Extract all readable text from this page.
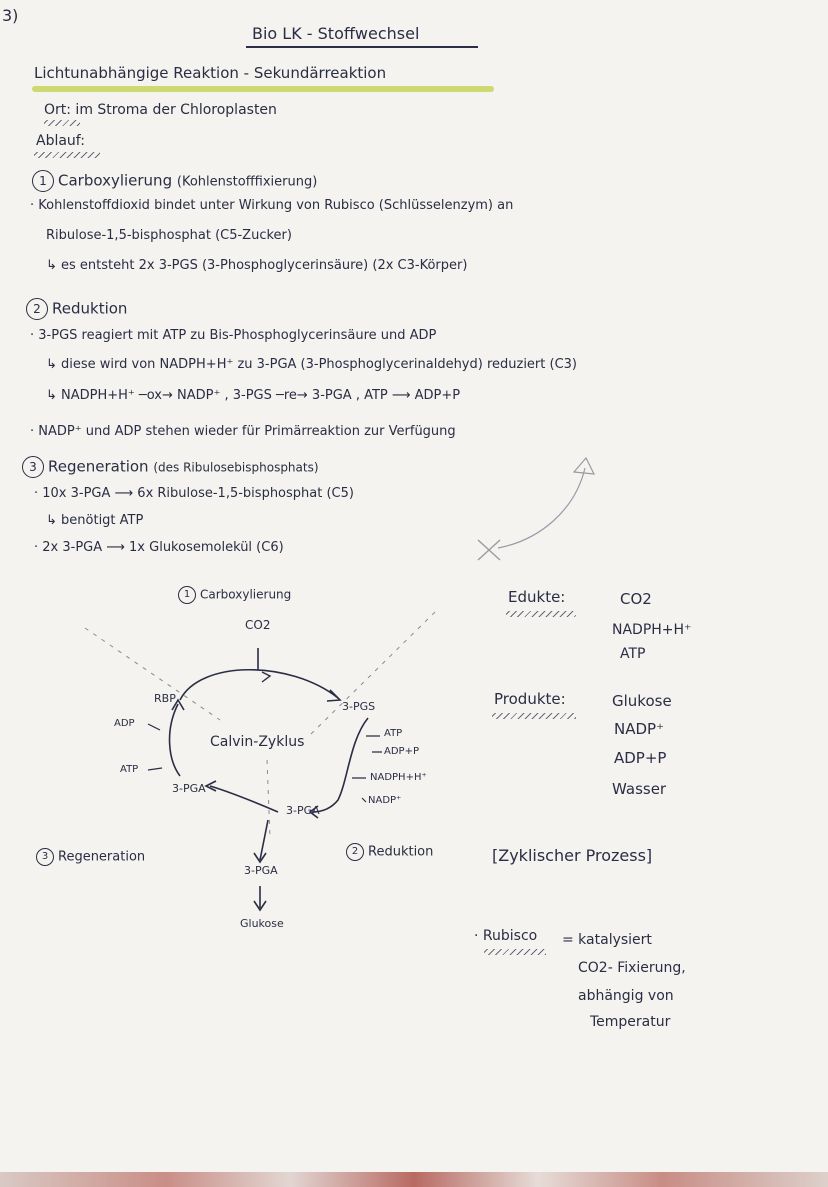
3)
Bio LK - Stoffwechsel
Lichtunabhängige Reaktion - Sekundärreaktion
Ort: im Stroma der Chloroplasten
Ablauf:
1 Carboxylierung (Kohlenstofffixierung)
· Kohlenstoffdioxid bindet unter Wirkung von Rubisco (Schlüsselenzym) an
Ribulose-1,5-bisphosphat (C5-Zucker)
↳ es entsteht 2x 3-PGS (3-Phosphoglycerinsäure) (2x C3-Körper)
2 Reduktion
· 3-PGS reagiert mit ATP zu Bis-Phosphoglycerinsäure und ADP
↳ diese wird von NADPH+H⁺ zu 3-PGA (3-Phosphoglycerinaldehyd) reduziert (C3)
↳ NADPH+H⁺ ─ox→ NADP⁺ , 3-PGS ─re→ 3-PGA , ATP ⟶ ADP+P
· NADP⁺ und ADP stehen wieder für Primärreaktion zur Verfügung
3 Regeneration (des Ribulosebisphosphats)
· 10x 3-PGA ⟶ 6x Ribulose-1,5-bisphosphat (C5)
↳ benötigt ATP
· 2x 3-PGA ⟶ 1x Glukosemolekül (C6)
1 Carboxylierung
CO2
RBP
3-PGS
Calvin-Zyklus
ADP
ATP
ATP
ADP+P
NADPH+H⁺
NADP⁺
3-PGA
3-PGA
3-PGA
Glukose
3 Regeneration	2 Reduktion
Edukte:	CO2
NADPH+H⁺
ATP
Produkte:	Glukose
NADP⁺
ADP+P
Wasser
[Zyklischer Prozess]
· Rubisco = katalysiert
CO2- Fixierung,
abhängig von
Temperatur
